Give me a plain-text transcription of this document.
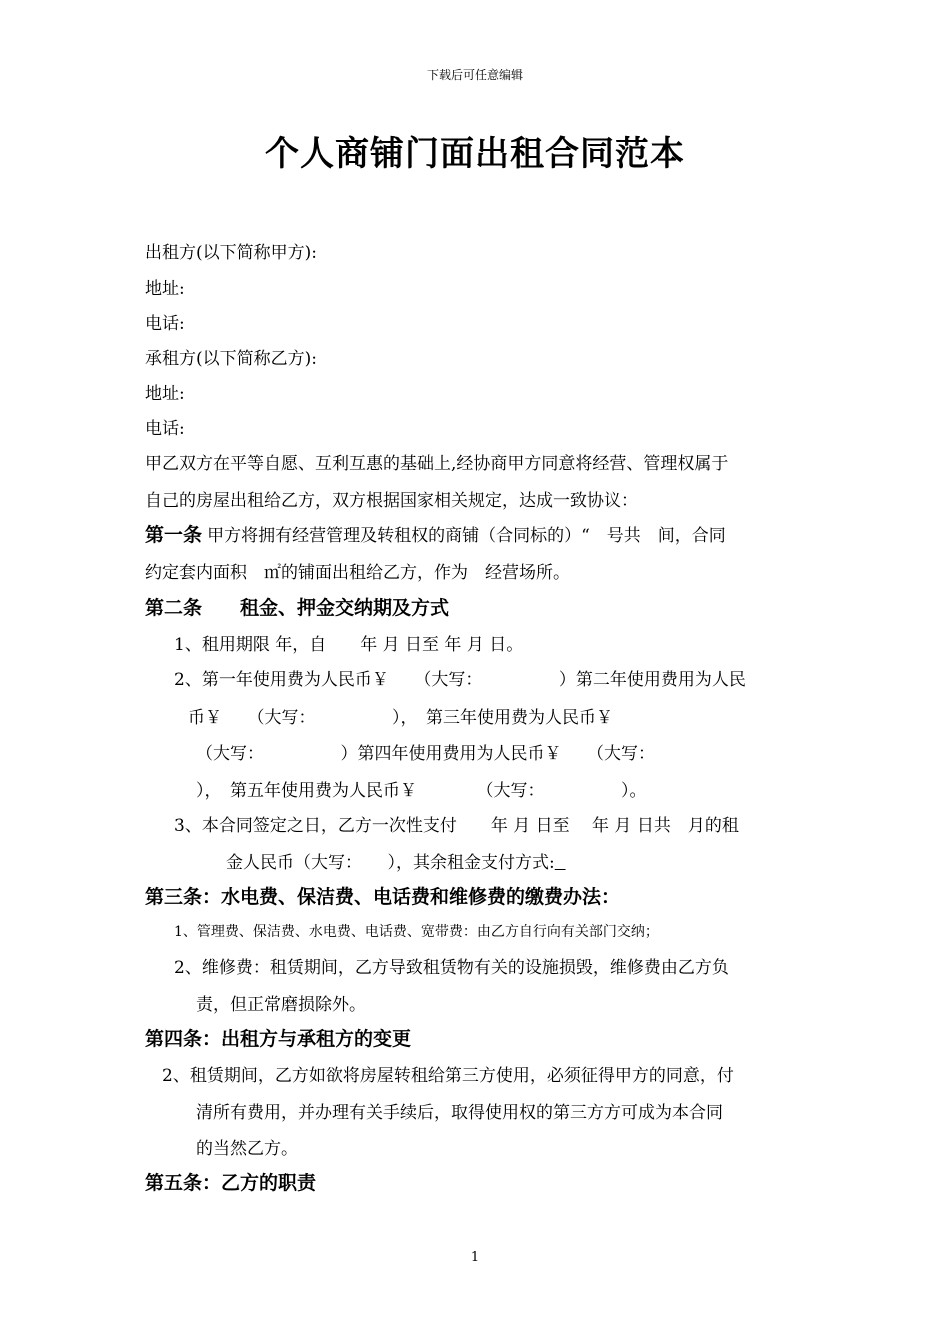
下载后可任意编辑
个人商铺门面出租合同范本
出租方(以下简称甲方):
地址:
电话:
承租方(以下简称乙方):
地址:
电话:
甲乙双方在平等自愿、互利互惠的基础上,经协商甲方同意将经营、管理权属于
自己的房屋出租给乙方，双方根据国家相关规定，达成一致协议：
第一条 甲方将拥有经营管理及转租权的商铺（合同标的）“　号共　间，合同
约定套内面积　㎡的铺面出租给乙方，作为　经营场所。
第二条　　租金、押金交纳期及方式
1、租用期限 年，自　　年 月 日至 年 月 日。
2、第一年使用费为人民币￥　　（大写：　　　　　）第二年使用费用为人民
币￥　　（大写：　　　　　），　第三年使用费为人民币￥
（大写：　　　　　）第四年使用费用为人民币￥　　（大写：
），　第五年使用费为人民币￥　　　　（大写：　　　　　）。
3、本合同签定之日，乙方一次性支付　　年 月 日至　 年 月 日共　月的租
金人民币（大写：　　），其余租金支付方式:
第三条：水电费、保洁费、电话费和维修费的缴费办法：
1、管理费、保洁费、水电费、电话费、宽带费：由乙方自行向有关部门交纳；
2、维修费：租赁期间，乙方导致租赁物有关的设施损毁，维修费由乙方负
责，但正常磨损除外。
第四条：出租方与承租方的变更
2、租赁期间，乙方如欲将房屋转租给第三方使用，必须征得甲方的同意，付
清所有费用，并办理有关手续后，取得使用权的第三方方可成为本合同
的当然乙方。
第五条：乙方的职责
1
